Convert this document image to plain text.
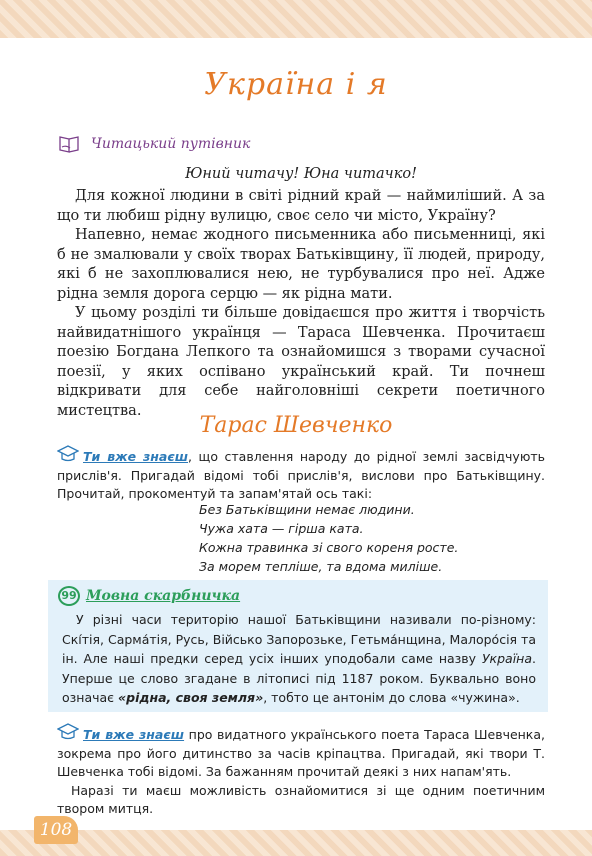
Україна і я
Читацький путівник
Юний читачу! Юна читачко!

Для кожної людини в світі рідний край — наймиліший. А за що ти любиш рідну вулицю, своє село чи місто, Україну?

Напевно, немає жодного письменника або письменниці, які б не змалювали у своїх творах Батьківщину, її людей, природу, які б не захоплювалися нею, не турбувалися про неї. Адже рідна земля дорога серцю — як рідна мати.

У цьому розділі ти більше довідаєшся про життя і творчість найвидатнішого українця — Тараса Шевченка. Прочитаєш поезію Богдана Лепкого та ознайомишся з творами сучасної поезії, у яких оспівано український край. Ти почнеш відкривати для себе найголовніші секрети поетичного мистецтва.

Тарас Шевченко

Ти вже знаєш, що ставлення народу до рідної землі засвідчують прислів'я. Пригадай відомі тобі прислів'я, вислови про Батьківщину. Прочитай, прокоментуй та запам'ятай ось такі:

Без Батьківщини немає людини.
Чужа хата — гірша ката.
Кожна травинка зі свого кореня росте.
За морем тепліше, та вдома миліше.
99 Мовна скарбничка

У різні часи територію нашої Батьківщини називали по-різному: Скі́тія, Сарма́тія, Русь, Військо Запорозьке, Гетьма́нщина, Малоро́сія та ін. Але наші предки серед усіх інших уподобали саме назву Україна. Уперше це слово згадане в літописі під 1187 роком. Буквально воно означає «рідна, своя земля», тобто це антонім до слова «чужина».

Ти вже знаєш про видатного українського поета Тараса Шевченка, зокрема про його дитинство за часів кріпацтва. Пригадай, які твори Т. Шевченка тобі відомі. За бажанням прочитай деякі з них напам'ять.

Наразі ти маєш можливість ознайомитися зі ще одним поетичним твором митця.

108
